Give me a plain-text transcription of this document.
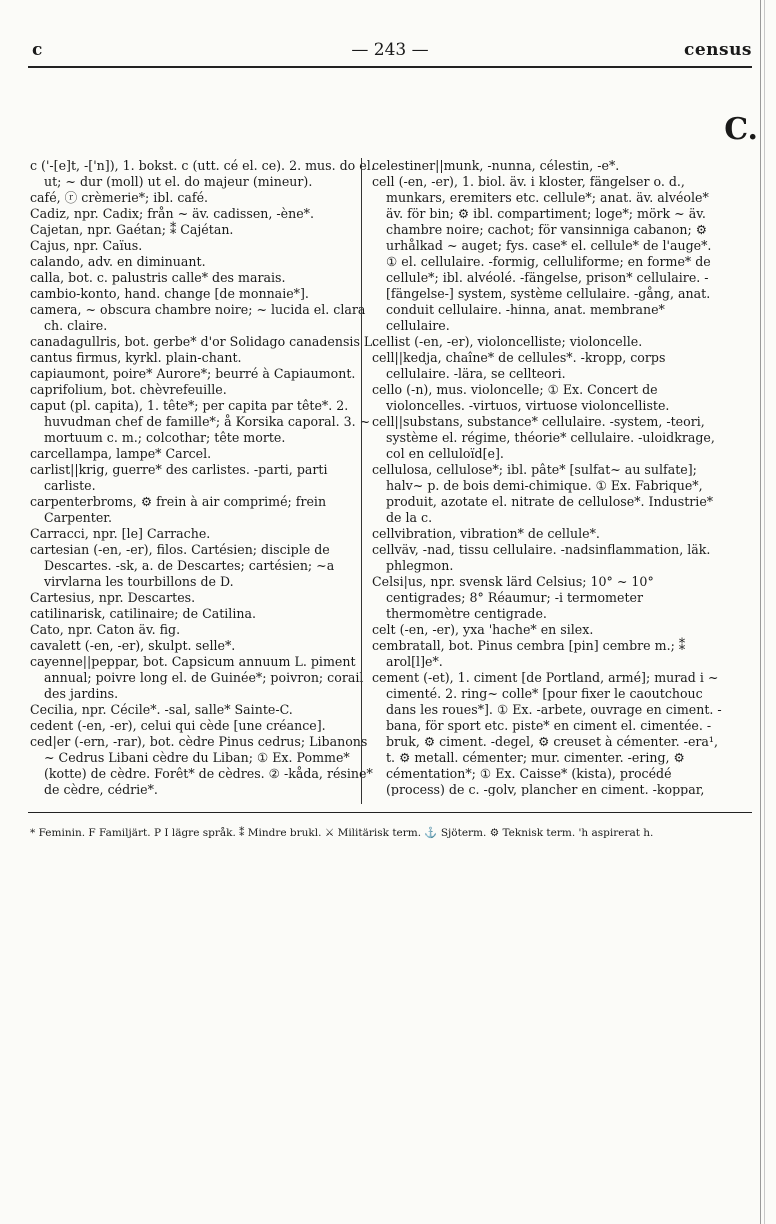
c	— 243 —	census
C.

c ('-[e]t, -['n]), 1. bokst. c (utt. cé el. ce). 2. mus. do el. ut; ~ dur (moll) ut el. do majeur (mineur).

café, ⓡ crèmerie*; ibl. café.

Cadiz, npr. Cadix; från ~ äv. cadissen, -ène*.

Cajetan, npr. Gaétan; ⁑ Cajétan.

Cajus, npr. Caïus.

calando, adv. en diminuant.

calla, bot. c. palustris calle* des marais.

cambio-konto, hand. change [de monnaie*].

camera, ~ obscura chambre noire; ~ lucida el. clara ch. claire.

canadagullris, bot. gerbe* d'or Solidago canadensis L.

cantus firmus, kyrkl. plain-chant.

capiaumont, poire* Aurore*; beurré à Capiaumont.

caprifolium, bot. chèvrefeuille.

caput (pl. capita), 1. tête*; per capita par tête*. 2. huvudman chef de famille*; å Korsika caporal. 3. ~ mortuum c. m.; colcothar; tête morte.

carcellampa, lampe* Carcel.

carlist||krig, guerre* des carlistes. -parti, parti carliste.

carpenterbroms, ⚙ frein à air comprimé; frein Carpenter.

Carracci, npr. [le] Carrache.

cartesian (-en, -er), filos. Cartésien; disciple de Descartes. -sk, a. de Descartes; cartésien; ~a virvlarna les tourbillons de D.

Cartesius, npr. Descartes.

catilinarisk, catilinaire; de Catilina.

Cato, npr. Caton äv. fig.

cavalett (-en, -er), skulpt. selle*.

cayenne||peppar, bot. Capsicum annuum L. piment annual; poivre long el. de Guinée*; poivron; corail des jardins.

Cecilia, npr. Cécile*. -sal, salle* Sainte-C.

cedent (-en, -er), celui qui cède [une créance].

ced|er (-ern, -rar), bot. cèdre Pinus cedrus; Libanons ~ Cedrus Libani cèdre du Liban; ① Ex. Pomme* (kotte) de cèdre. Forêt* de cèdres. ② -kåda, résine* de cèdre, cédrie*.

celestiner||munk, -nunna, célestin, -e*.

cell (-en, -er), 1. biol. äv. i kloster, fängelser o. d., munkars, eremiters etc. cellule*; anat. äv. alvéole* äv. för bin; ⚙ ibl. compartiment; loge*; mörk ~ äv. chambre noire; cachot; för vansinniga cabanon; ⚙ urhålkad ~ auget; fys. case* el. cellule* de l'auge*. ① el. cellulaire. -formig, celluliforme; en forme* de cellule*; ibl. alvéolé. -fängelse, prison* cellulaire. -[fängelse-] system, système cellulaire. -gång, anat. conduit cellulaire. -hinna, anat. membrane* cellulaire.

cellist (-en, -er), violoncelliste; violoncelle.

cell||kedja, chaîne* de cellules*. -kropp, corps cellulaire. -lära, se cellteori.

cello (-n), mus. violoncelle; ① Ex. Concert de violoncelles. -virtuos, virtuose violoncelliste.

cell||substans, substance* cellulaire. -system, -teori, système el. régime, théorie* cellulaire. -uloidkrage, col en celluloïd[e].

cellulosa, cellulose*; ibl. pâte* [sulfat~ au sulfate]; halv~ p. de bois demi-chimique. ① Ex. Fabrique*, produit, azotate el. nitrate de cellulose*. Industrie* de la c.

cellvibration, vibration* de cellule*.

cellväv, -nad, tissu cellulaire. -nadsinflammation, läk. phlegmon.

Celsi|us, npr. svensk lärd Celsius; 10° ~ 10° centigrades; 8° Réaumur; -i termometer thermomètre centigrade.

celt (-en, -er), yxa 'hache* en silex.

cembratall, bot. Pinus cembra [pin] cembre m.; ⁑ arol[l]e*.

cement (-et), 1. ciment [de Portland, armé]; murad i ~ cimenté. 2. ring~ colle* [pour fixer le caoutchouc dans les roues*]. ① Ex. -arbete, ouvrage en ciment. -bana, för sport etc. piste* en ciment el. cimentée. -bruk, ⚙ ciment. -degel, ⚙ creuset à cémenter. -era¹, t. ⚙ metall. cémenter; mur. cimenter. -ering, ⚙ cémentation*; ① Ex. Caisse* (kista), procédé (process) de c. -golv, plancher en ciment. -koppar,

* Feminin. F Familjärt. P I lägre språk. ⁑ Mindre brukl. ⚔ Militärisk term. ⚓ Sjöterm. ⚙ Teknisk term. 'h aspirerat h.
